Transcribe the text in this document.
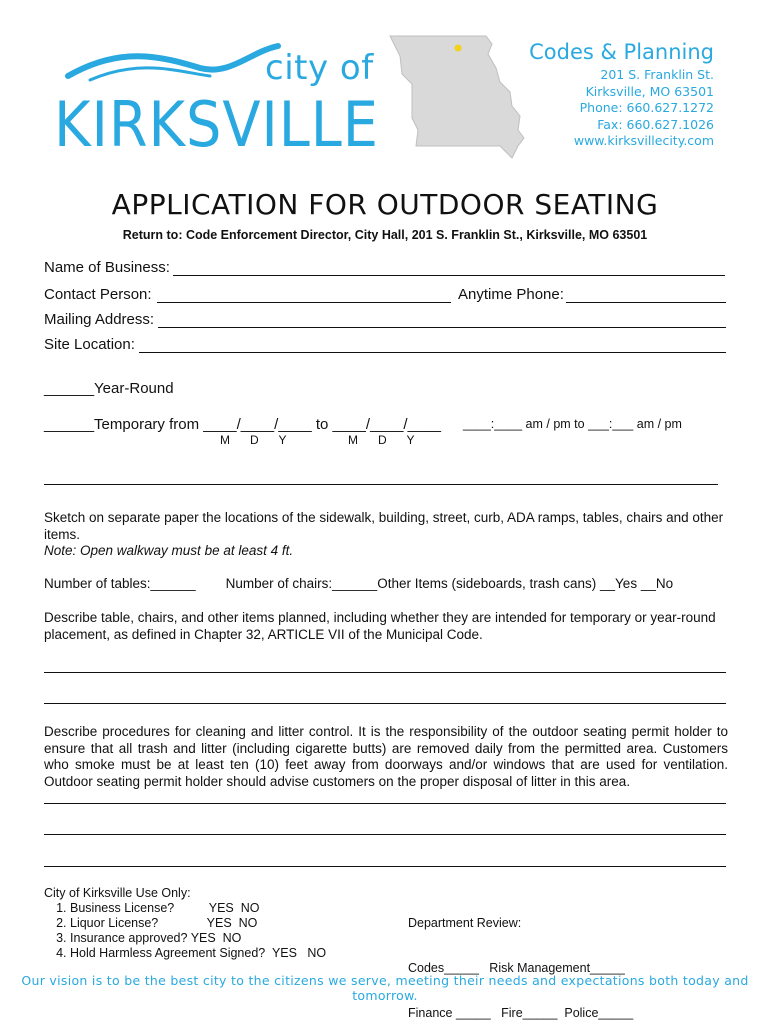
city of
KIRKSVILLE
Codes & Planning
201 S. Franklin St.
Kirksville, MO 63501
Phone: 660.627.1272
Fax: 660.627.1026
www.kirksvillecity.com
APPLICATION FOR OUTDOOR SEATING
Return to: Code Enforcement Director, City Hall, 201 S. Franklin St., Kirksville, MO 63501
Name of Business:
Contact Person:	Anytime Phone:
Mailing Address:
Site Location:
______Year-Round
______Temporary from ____/____/____ to ____/____/____ ____:____ am / pm to ___:___ am / pm
M      D      Y	M      D      Y
Sketch on separate paper the locations of the sidewalk, building, street, curb, ADA ramps, tables, chairs and other items.
Note: Open walkway must be at least 4 ft.
Number of tables:______        Number of chairs:______Other Items (sideboards, trash cans) __Yes __No
Describe table, chairs, and other items planned, including whether they are intended for temporary or year-round placement, as defined in Chapter 32, ARTICLE VII of the Municipal Code.
Describe procedures for cleaning and litter control. It is the responsibility of the outdoor seating permit holder to ensure that all trash and litter (including cigarette butts) are removed daily from the permitted area. Customers who smoke must be at least ten (10) feet away from doorways and/or windows that are used for ventilation. Outdoor seating permit holder should advise customers on the proper disposal of litter in this area.
City of Kirksville Use Only:
1. Business License?          YES  NO
2. Liquor License?              YES  NO
3. Insurance approved? YES  NO
4. Hold Harmless Agreement Signed?  YES   NO

Department Review:

Codes_____   Risk Management_____

Finance _____   Fire_____  Police_____

Our vision is to be the best city to the citizens we serve, meeting their needs and expectations both today and tomorrow.
